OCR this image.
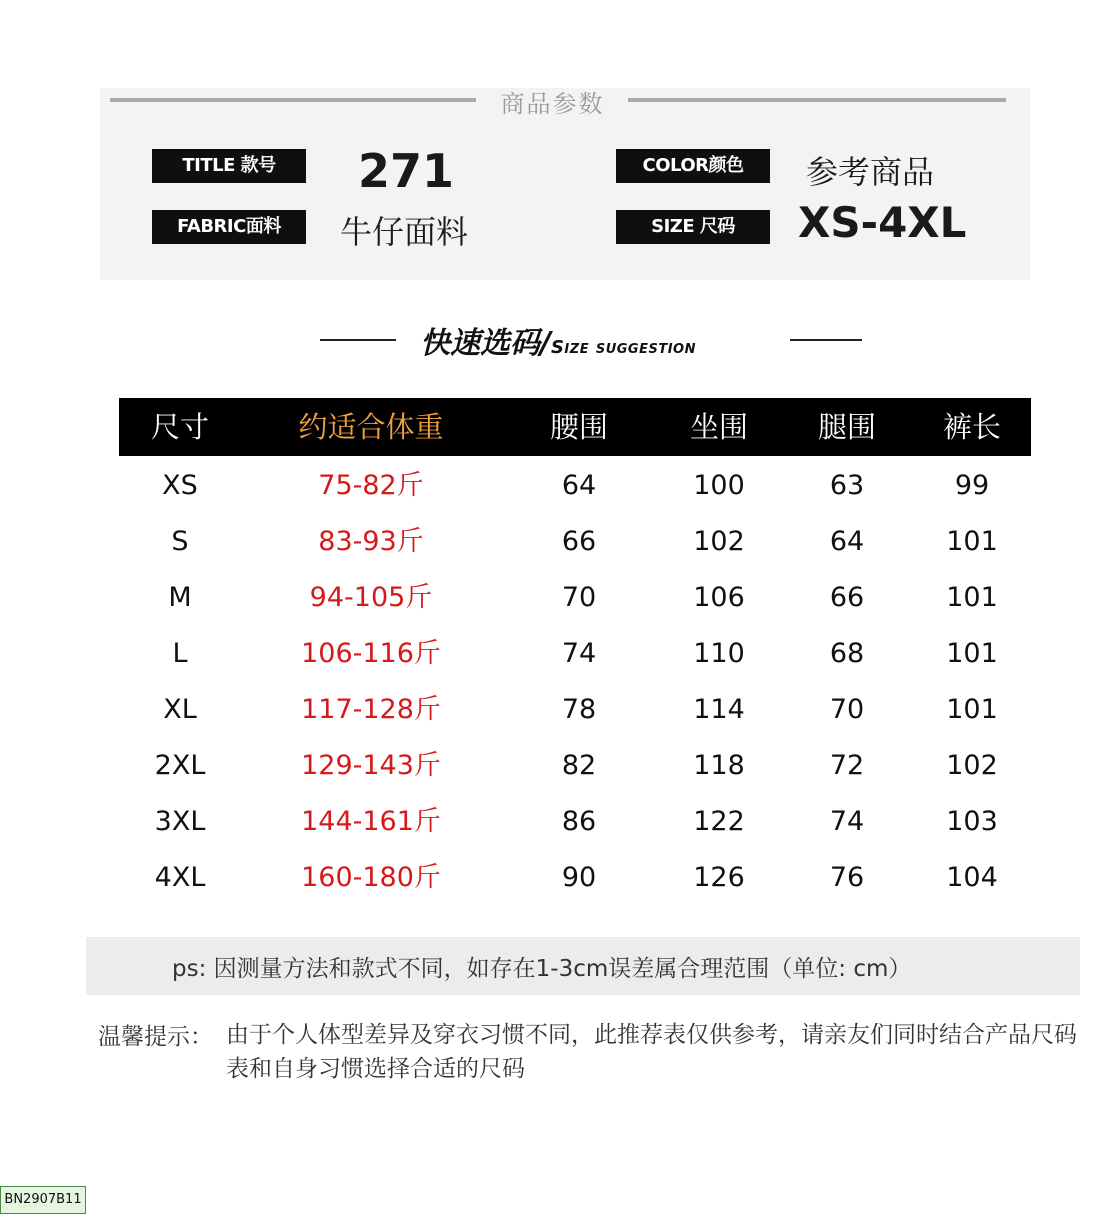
商品参数
TITLE 款号	271	COLOR颜色	参考商品
FABRIC面料	牛仔面料	SIZE 尺码	XS-4XL
快速选码/Size suggestion
尺寸	约适合体重	腰围	坐围	腿围	裤长
XS	75-82斤	64	100	63	99
S	83-93斤	66	102	64	101
M	94-105斤	70	106	66	101
L	106-116斤	74	110	68	101
XL	117-128斤	78	114	70	101
2XL	129-143斤	82	118	72	102
3XL	144-161斤	86	122	74	103
4XL	160-180斤	90	126	76	104
ps: 因测量方法和款式不同，如存在1-3cm误差属合理范围（单位: cm）
温馨提示： 由于个人体型差异及穿衣习惯不同，此推荐表仅供参考，请亲友们同时结合产品尺码表和自身习惯选择合适的尺码
BN2907B11
